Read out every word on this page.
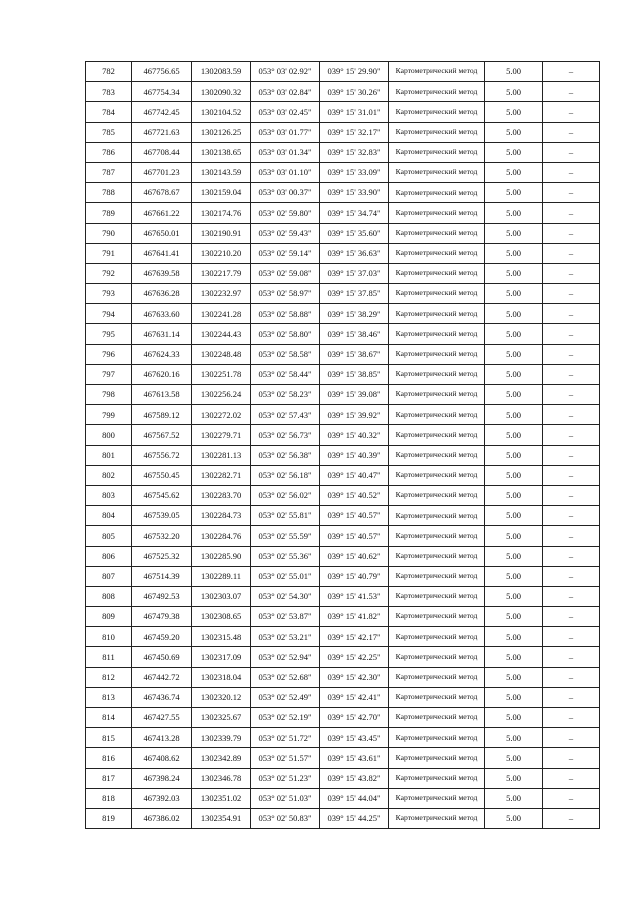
782	467756.65	1302083.59	053° 03' 02.92"	039° 15' 29.90"	Картометрический метод	5.00	–
783	467754.34	1302090.32	053° 03' 02.84"	039° 15' 30.26"	Картометрический метод	5.00	–
784	467742.45	1302104.52	053° 03' 02.45"	039° 15' 31.01"	Картометрический метод	5.00	–
785	467721.63	1302126.25	053° 03' 01.77"	039° 15' 32.17"	Картометрический метод	5.00	–
786	467708.44	1302138.65	053° 03' 01.34"	039° 15' 32.83"	Картометрический метод	5.00	–
787	467701.23	1302143.59	053° 03' 01.10"	039° 15' 33.09"	Картометрический метод	5.00	–
788	467678.67	1302159.04	053° 03' 00.37"	039° 15' 33.90"	Картометрический метод	5.00	–
789	467661.22	1302174.76	053° 02' 59.80"	039° 15' 34.74"	Картометрический метод	5.00	–
790	467650.01	1302190.91	053° 02' 59.43"	039° 15' 35.60"	Картометрический метод	5.00	–
791	467641.41	1302210.20	053° 02' 59.14"	039° 15' 36.63"	Картометрический метод	5.00	–
792	467639.58	1302217.79	053° 02' 59.08"	039° 15' 37.03"	Картометрический метод	5.00	–
793	467636.28	1302232.97	053° 02' 58.97"	039° 15' 37.85"	Картометрический метод	5.00	–
794	467633.60	1302241.28	053° 02' 58.88"	039° 15' 38.29"	Картометрический метод	5.00	–
795	467631.14	1302244.43	053° 02' 58.80"	039° 15' 38.46"	Картометрический метод	5.00	–
796	467624.33	1302248.48	053° 02' 58.58"	039° 15' 38.67"	Картометрический метод	5.00	–
797	467620.16	1302251.78	053° 02' 58.44"	039° 15' 38.85"	Картометрический метод	5.00	–
798	467613.58	1302256.24	053° 02' 58.23"	039° 15' 39.08"	Картометрический метод	5.00	–
799	467589.12	1302272.02	053° 02' 57.43"	039° 15' 39.92"	Картометрический метод	5.00	–
800	467567.52	1302279.71	053° 02' 56.73"	039° 15' 40.32"	Картометрический метод	5.00	–
801	467556.72	1302281.13	053° 02' 56.38"	039° 15' 40.39"	Картометрический метод	5.00	–
802	467550.45	1302282.71	053° 02' 56.18"	039° 15' 40.47"	Картометрический метод	5.00	–
803	467545.62	1302283.70	053° 02' 56.02"	039° 15' 40.52"	Картометрический метод	5.00	–
804	467539.05	1302284.73	053° 02' 55.81"	039° 15' 40.57"	Картометрический метод	5.00	–
805	467532.20	1302284.76	053° 02' 55.59"	039° 15' 40.57"	Картометрический метод	5.00	–
806	467525.32	1302285.90	053° 02' 55.36"	039° 15' 40.62"	Картометрический метод	5.00	–
807	467514.39	1302289.11	053° 02' 55.01"	039° 15' 40.79"	Картометрический метод	5.00	–
808	467492.53	1302303.07	053° 02' 54.30"	039° 15' 41.53"	Картометрический метод	5.00	–
809	467479.38	1302308.65	053° 02' 53.87"	039° 15' 41.82"	Картометрический метод	5.00	–
810	467459.20	1302315.48	053° 02' 53.21"	039° 15' 42.17"	Картометрический метод	5.00	–
811	467450.69	1302317.09	053° 02' 52.94"	039° 15' 42.25"	Картометрический метод	5.00	–
812	467442.72	1302318.04	053° 02' 52.68"	039° 15' 42.30"	Картометрический метод	5.00	–
813	467436.74	1302320.12	053° 02' 52.49"	039° 15' 42.41"	Картометрический метод	5.00	–
814	467427.55	1302325.67	053° 02' 52.19"	039° 15' 42.70"	Картометрический метод	5.00	–
815	467413.28	1302339.79	053° 02' 51.72"	039° 15' 43.45"	Картометрический метод	5.00	–
816	467408.62	1302342.89	053° 02' 51.57"	039° 15' 43.61"	Картометрический метод	5.00	–
817	467398.24	1302346.78	053° 02' 51.23"	039° 15' 43.82"	Картометрический метод	5.00	–
818	467392.03	1302351.02	053° 02' 51.03"	039° 15' 44.04"	Картометрический метод	5.00	–
819	467386.02	1302354.91	053° 02' 50.83"	039° 15' 44.25"	Картометрический метод	5.00	–
